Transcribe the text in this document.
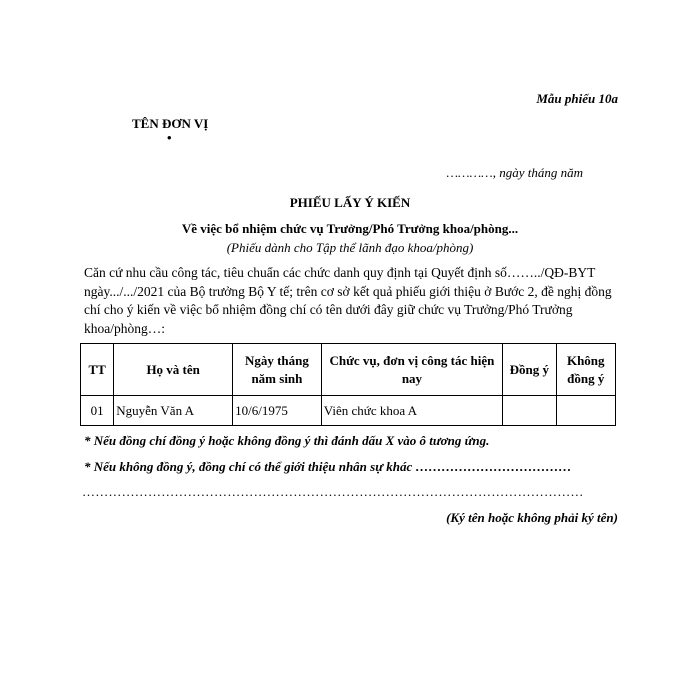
Mẫu phiếu 10a
TÊN ĐƠN VỊ
•
…………, ngày tháng năm
PHIẾU LẤY Ý KIẾN
Về việc bổ nhiệm chức vụ Trưởng/Phó Trưởng khoa/phòng...
(Phiếu dành cho Tập thể lãnh đạo khoa/phòng)
Căn cứ nhu cầu công tác, tiêu chuẩn các chức danh quy định tại Quyết định số……../QĐ-BYT ngày.../.../2021 của Bộ trưởng Bộ Y tế; trên cơ sở kết quả phiếu giới thiệu ở Bước 2, đề nghị đồng chí cho ý kiến về việc bổ nhiệm đồng chí có tên dưới đây giữ chức vụ Trưởng/Phó Trưởng khoa/phòng…:
TT	Họ và tên	Ngày tháng năm sinh	Chức vụ, đơn vị công tác hiện nay	Đồng ý	Không đồng ý
01	Nguyễn Văn A	10/6/1975	Viên chức khoa A		
* Nếu đồng chí đồng ý hoặc không đồng ý thì đánh dấu X vào ô tương ứng.
* Nếu không đồng ý, đồng chí có thể giới thiệu nhân sự khác ………………………………
……………………………………………………………………………………………………
(Ký tên hoặc không phải ký tên)
